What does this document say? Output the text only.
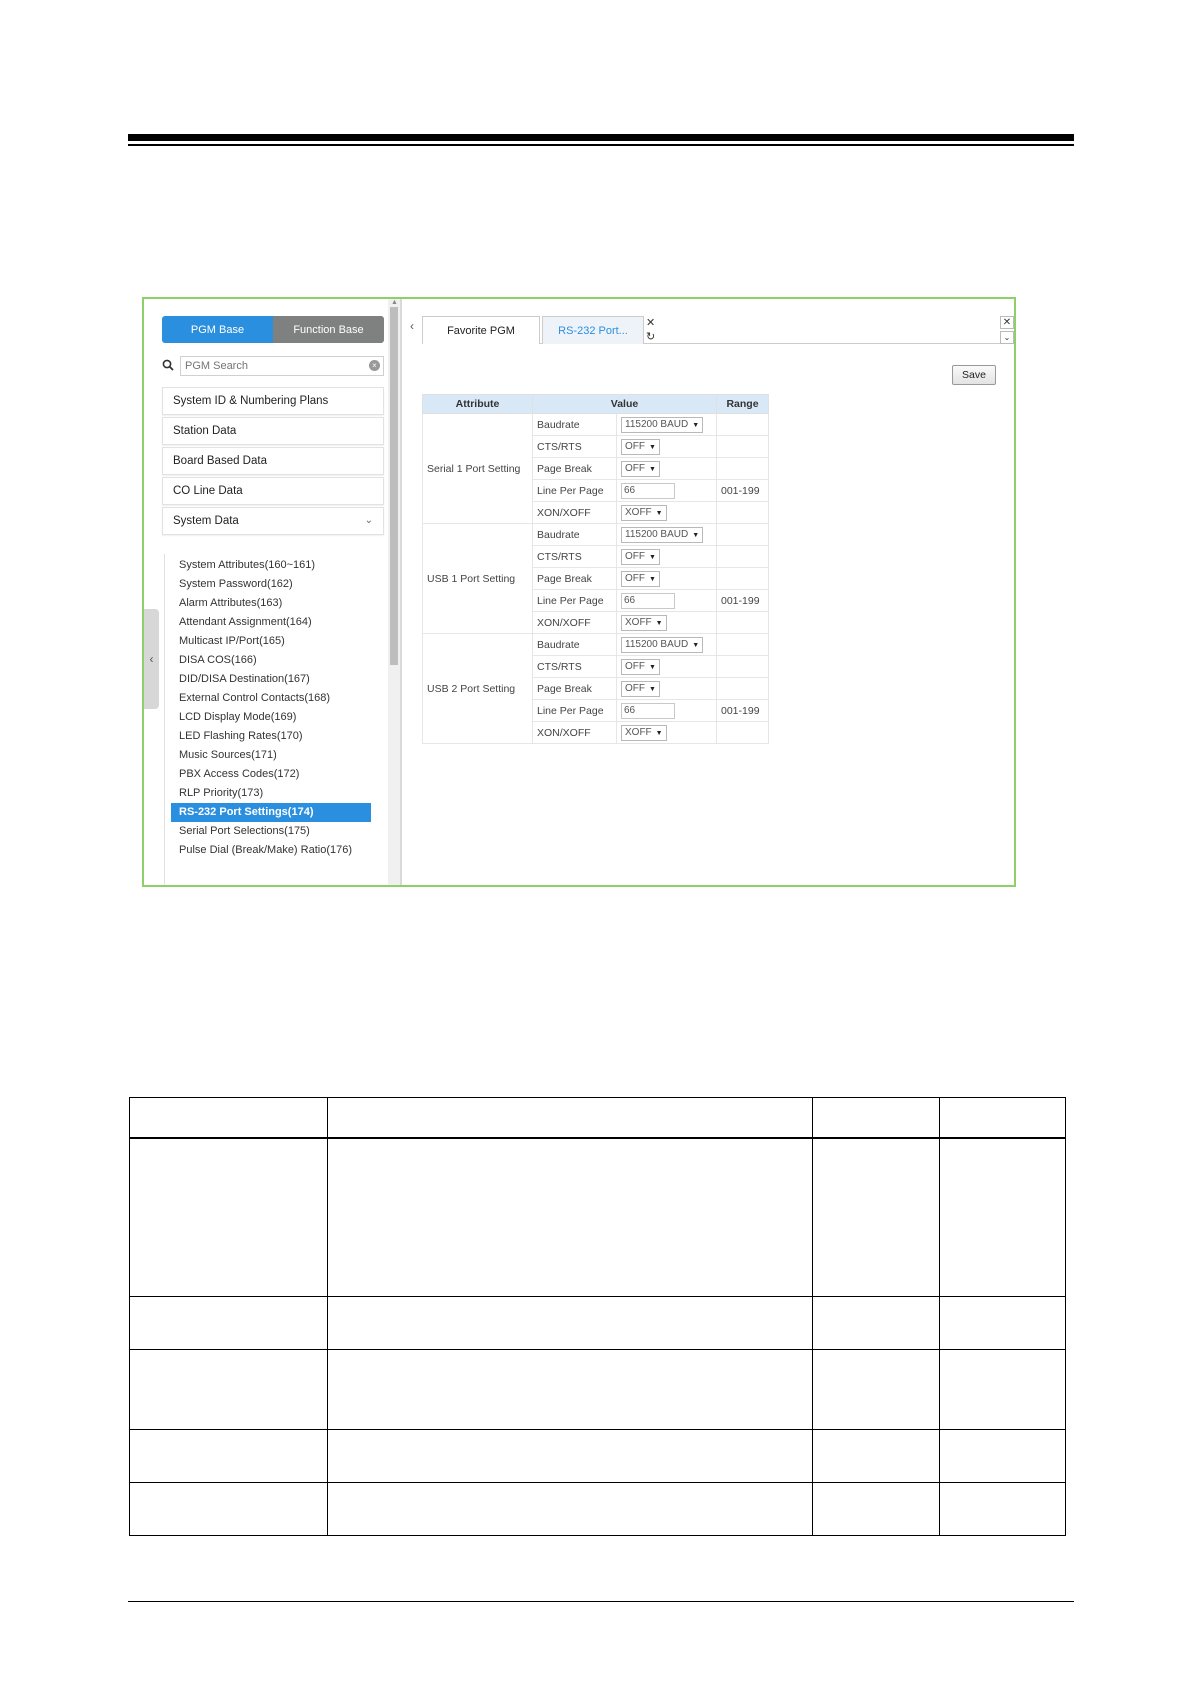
PGM Base	Function Base
PGM Search
×
System ID & Numbering Plans
Station Data
Board Based Data
CO Line Data
System Data	⌄
System Attributes(160~161)
System Password(162)
Alarm Attributes(163)
Attendant Assignment(164)
Multicast IP/Port(165)
DISA COS(166)
DID/DISA Destination(167)
External Control Contacts(168)
LCD Display Mode(169)
LED Flashing Rates(170)
Music Sources(171)
PBX Access Codes(172)
RLP Priority(173)
RS-232 Port Settings(174)
Serial Port Selections(175)
Pulse Dial (Break/Make) Ratio(176)
‹
▲
‹	Favorite PGM	RS-232 Port...
✕
↻
✕
⌄
Save
Attribute	Value		Range
Serial 1 Port Setting	Baudrate	115200 BAUD ▼	
	CTS/RTS	OFF ▼	
	Page Break	OFF ▼	
	Line Per Page	66	001-199
	XON/XOFF	XOFF ▼	
USB 1 Port Setting	Baudrate	115200 BAUD ▼	
	CTS/RTS	OFF ▼	
	Page Break	OFF ▼	
	Line Per Page	66	001-199
	XON/XOFF	XOFF ▼	
USB 2 Port Setting	Baudrate	115200 BAUD ▼	
	CTS/RTS	OFF ▼	
	Page Break	OFF ▼	
	Line Per Page	66	001-199
	XON/XOFF	XOFF ▼	
